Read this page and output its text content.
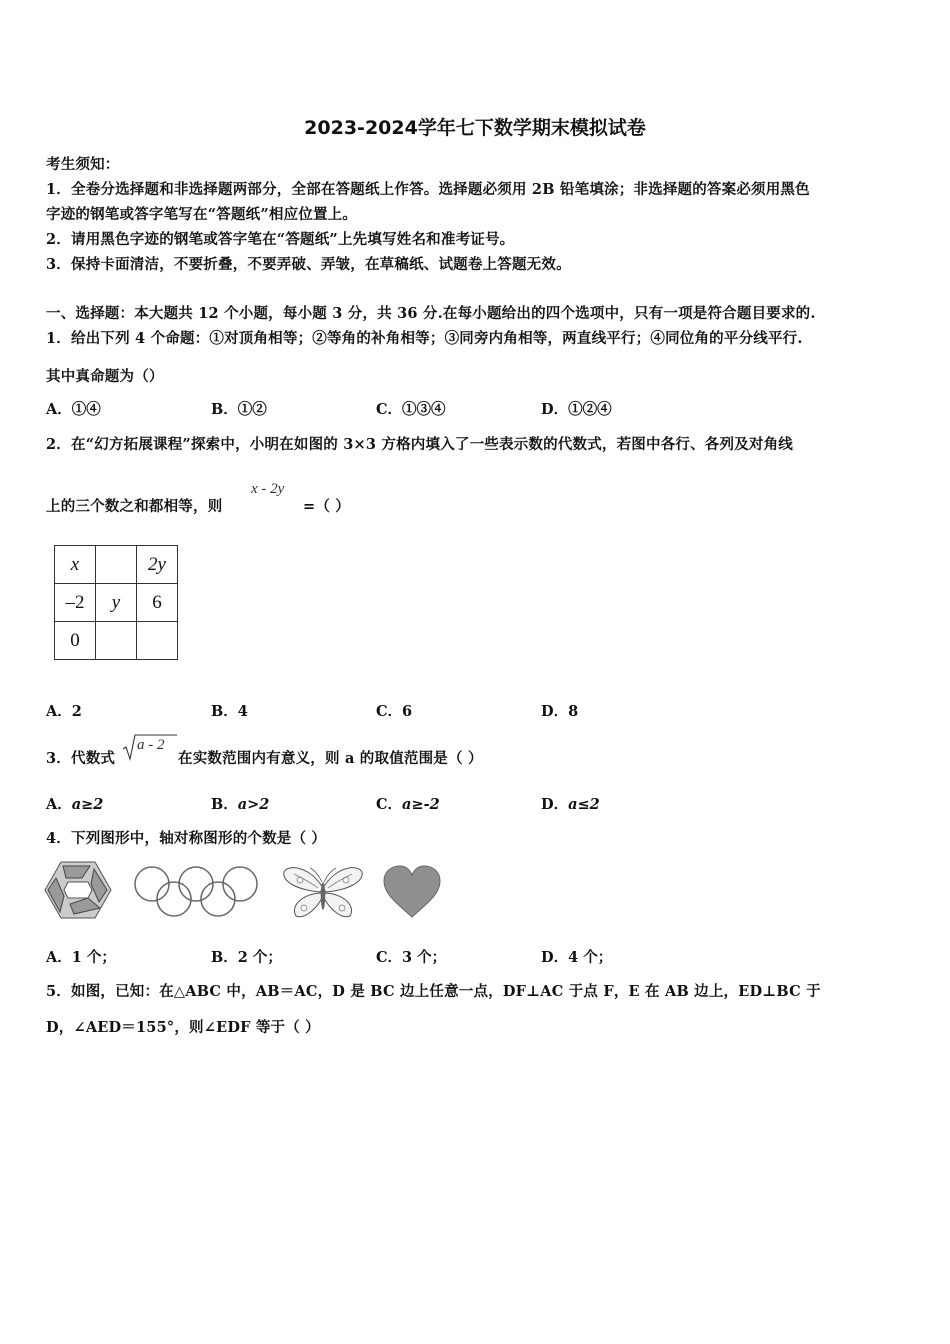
2023-2024学年七下数学期末模拟试卷
考生须知：
1．全卷分选择题和非选择题两部分，全部在答题纸上作答。选择题必须用 2B 铅笔填涂；非选择题的答案必须用黑色
字迹的钢笔或答字笔写在“答题纸”相应位置上。
2．请用黑色字迹的钢笔或答字笔在“答题纸”上先填写姓名和准考证号。
3．保持卡面清洁，不要折叠，不要弄破、弄皱，在草稿纸、试题卷上答题无效。
一、选择题：本大题共 12 个小题，每小题 3 分，共 36 分.在每小题给出的四个选项中，只有一项是符合题目要求的.
1．给出下列 4 个命题：①对顶角相等；②等角的补角相等；③同旁内角相等，两直线平行；④同位角的平分线平行.
其中真命题为（）
A．①④	B．①②	C．①③④	D．①②④
2．在“幻方拓展课程”探索中，小明在如图的 3×3 方格内填入了一些表示数的代数式，若图中各行、各列及对角线
上的三个数之和都相等，则
x - 2y
=（ ）
x		2y
–2	y	6
0		
A．2	B．4	C．6	D．8
3．代数式
a - 2
在实数范围内有意义，则 a 的取值范围是（ ）
A．a≥2	B．a>2	C．a≥-2	D．a≤2
4．下列图形中，轴对称图形的个数是（ ）
A．1 个；	B．2 个；	C．3 个；	D．4 个；
5．如图，已知：在△ABC 中，AB＝AC，D 是 BC 边上任意一点，DF⊥AC 于点 F，E 在 AB 边上，ED⊥BC 于
D，∠AED＝155°，则∠EDF 等于（ ）
